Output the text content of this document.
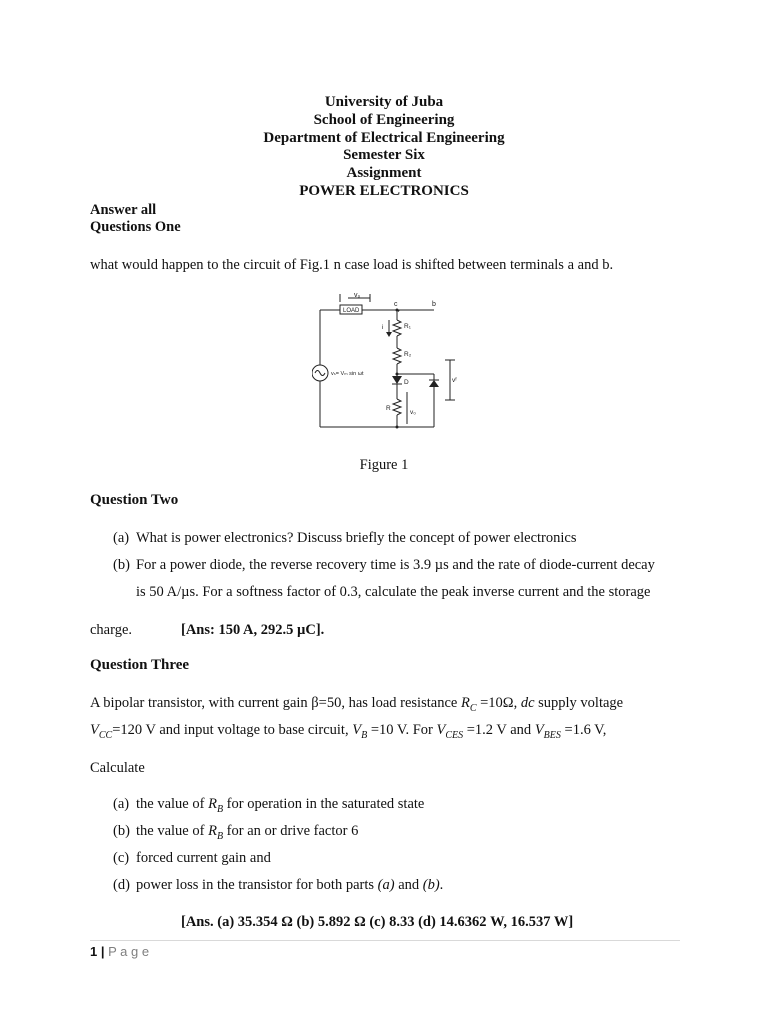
University of Juba
School of Engineering
Department of Electrical Engineering
Semester Six
Assignment
POWER ELECTRONICS
Answer all
Questions One
what would happen to the circuit of Fig.1 n case load is shifted between terminals a and b.
LOAD
v₀
c	b
R₁
R₂
D
R
v₀
vᶠ
i
vₛ= Vₘ sin ωt
Figure 1
Question Two
(a) What is power electronics? Discuss briefly the concept of power electronics
(b) For a power diode, the reverse recovery time is 3.9 µs and the rate of diode-current decay
is 50 A/µs. For a softness factor of 0.3, calculate the peak inverse current and the storage
charge.	[Ans: 150 A, 292.5 µC].
Question Three
A bipolar transistor, with current gain β=50, has load resistance $R_C =10\Omega$, dc supply voltage
$V_{CC}=120$ V and input voltage to base circuit, $V_B =10$ V. For $V_{CES} =1.2$ V and $V_{BES} =1.6$ V,
Calculate
(a) the value of $R_B$ for operation in the saturated state
(b) the value of $R_B$ for an or drive factor 6
(c) forced current gain and
(d) power loss in the transistor for both parts (a) and (b).
[Ans. (a) 35.354 Ω (b) 5.892 Ω (c) 8.33 (d) 14.6362 W, 16.537 W]
1 | P a g e
